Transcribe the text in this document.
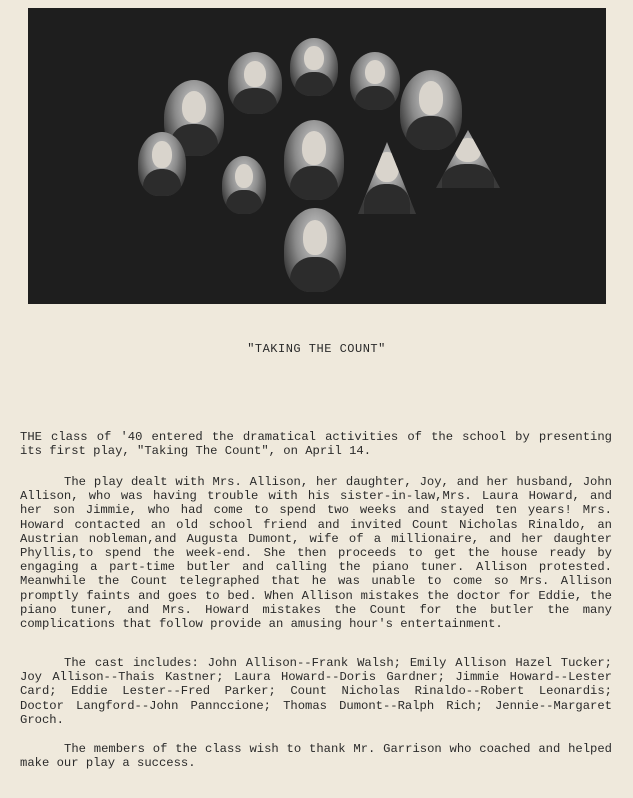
"TAKING THE COUNT"

THE class of '40 entered the dramatical activities of the school by presenting its first play, "Taking The Count", on April 14.

The play dealt with Mrs. Allison, her daughter, Joy, and her husband, John Allison, who was having trouble with his sister-in-law,Mrs. Laura Howard, and her son Jimmie, who had come to spend two weeks and stayed ten years! Mrs. Howard contacted an old school friend and invited Count Nicholas Rinaldo, an Austrian nobleman,and Augusta Dumont, wife of a millionaire, and her daughter Phyllis,to spend the week-end. She then proceeds to get the house ready by engaging a part-time butler and calling the piano tuner. Allison protested. Meanwhile the Count telegraphed that he was unable to come so Mrs. Allison promptly faints and goes to bed. When Allison mistakes the doctor for Eddie, the piano tuner, and Mrs. Howard mistakes the Count for the butler the many complications that follow provide an amusing hour's entertainment.

The cast includes: John Allison--Frank Walsh; Emily Allison Hazel Tucker; Joy Allison--Thais Kastner; Laura Howard--Doris Gardner; Jimmie Howard--Lester Card; Eddie Lester--Fred Parker; Count Nicholas Rinaldo--Robert Leonardis; Doctor Langford--John Pannccione; Thomas Dumont--Ralph Rich; Jennie--Margaret Groch.

The members of the class wish to thank Mr. Garrison who coached and helped make our play a success.
